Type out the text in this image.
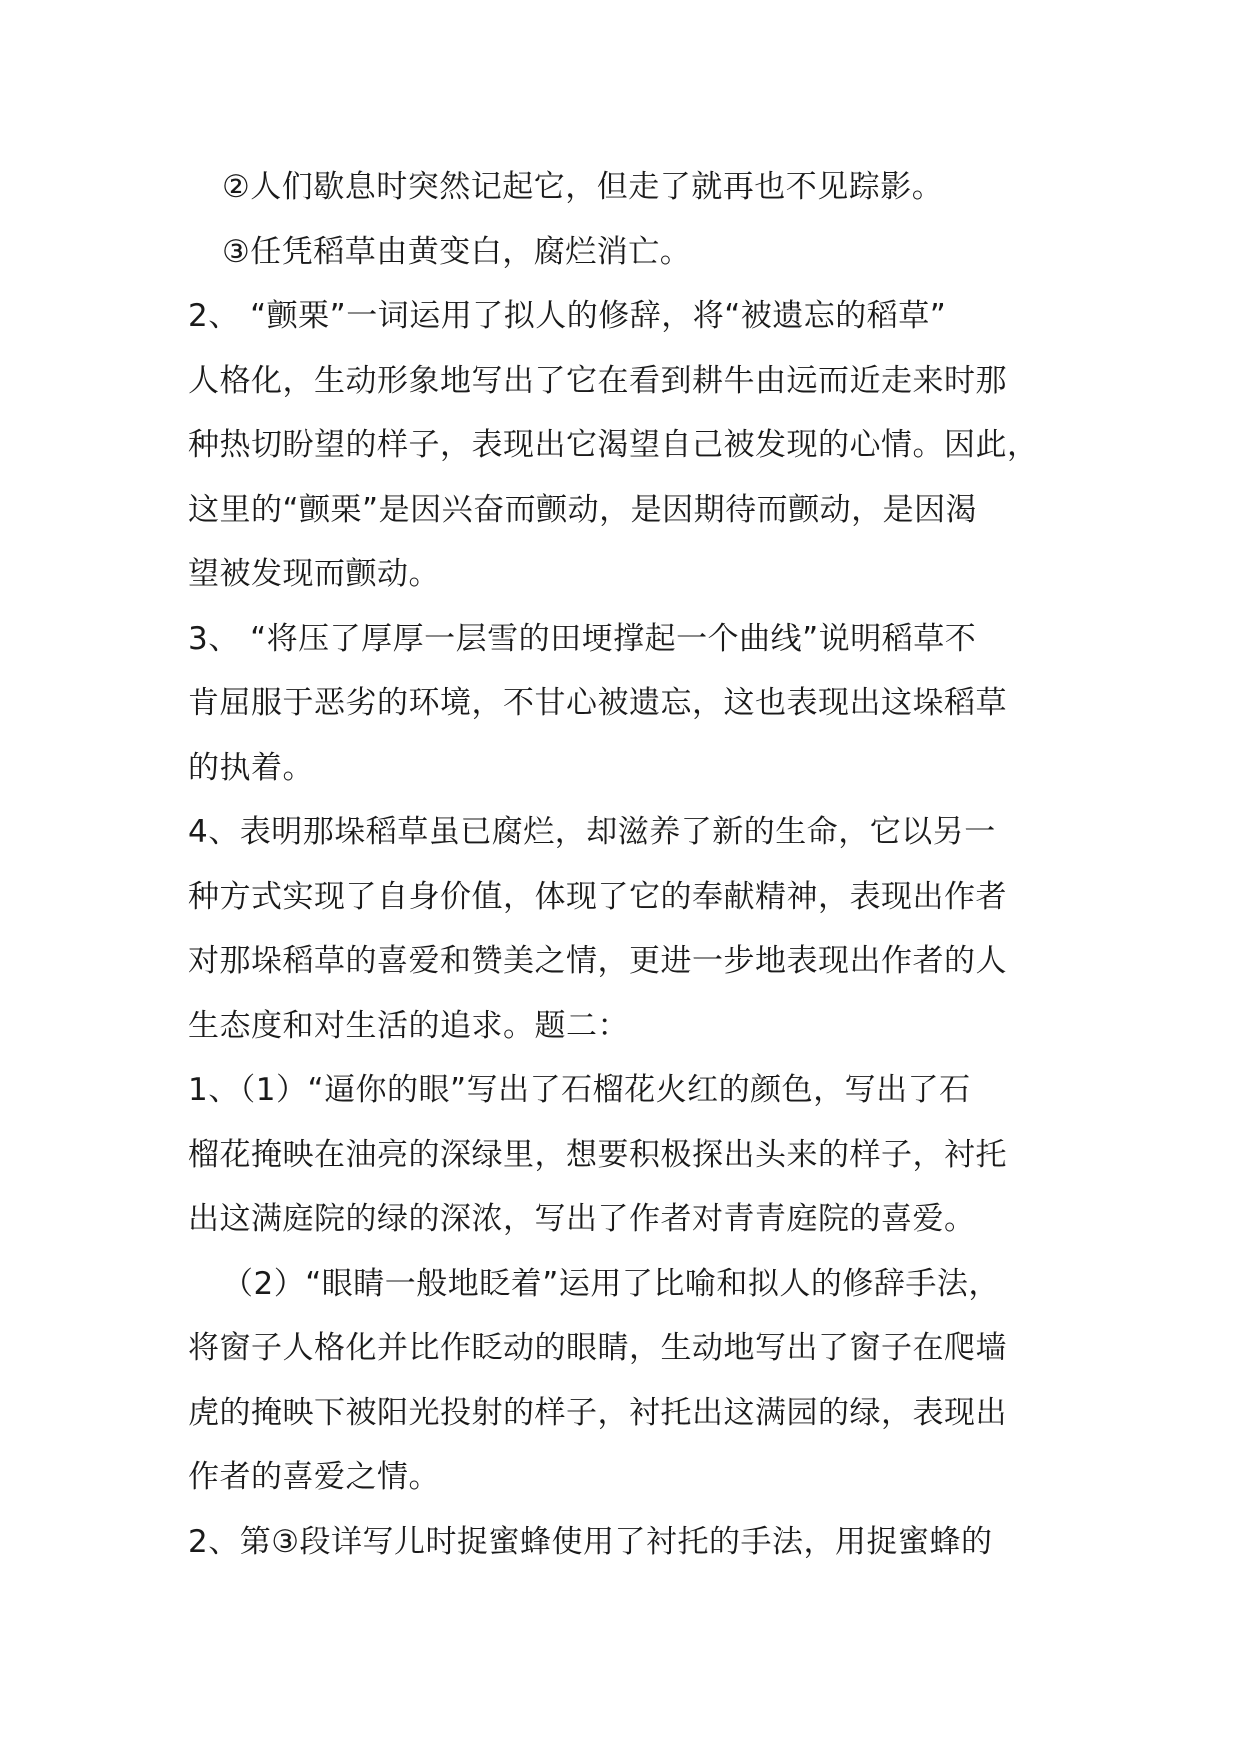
②人们歇息时突然记起它，但走了就再也不见踪影。
③任凭稻草由黄变白，腐烂消亡。
2、 “颤栗”一词运用了拟人的修辞，将“被遗忘的稻草”
人格化，生动形象地写出了它在看到耕牛由远而近走来时那
种热切盼望的样子，表现出它渴望自己被发现的心情。因此，
这里的“颤栗”是因兴奋而颤动，是因期待而颤动，是因渴
望被发现而颤动。
3、 “将压了厚厚一层雪的田埂撑起一个曲线”说明稻草不
肯屈服于恶劣的环境，不甘心被遗忘，这也表现出这垛稻草
的执着。
4、表明那垛稻草虽已腐烂，却滋养了新的生命，它以另一
种方式实现了自身价值，体现了它的奉献精神，表现出作者
对那垛稻草的喜爱和赞美之情，更进一步地表现出作者的人
生态度和对生活的追求。题二：
1、（1）“逼你的眼”写出了石榴花火红的颜色，写出了石
榴花掩映在油亮的深绿里，想要积极探出头来的样子，衬托
出这满庭院的绿的深浓，写出了作者对青青庭院的喜爱。
（2）“眼睛一般地眨着”运用了比喻和拟人的修辞手法，
将窗子人格化并比作眨动的眼睛，生动地写出了窗子在爬墙
虎的掩映下被阳光投射的样子，衬托出这满园的绿，表现出
作者的喜爱之情。
2、第③段详写儿时捉蜜蜂使用了衬托的手法，用捉蜜蜂的
